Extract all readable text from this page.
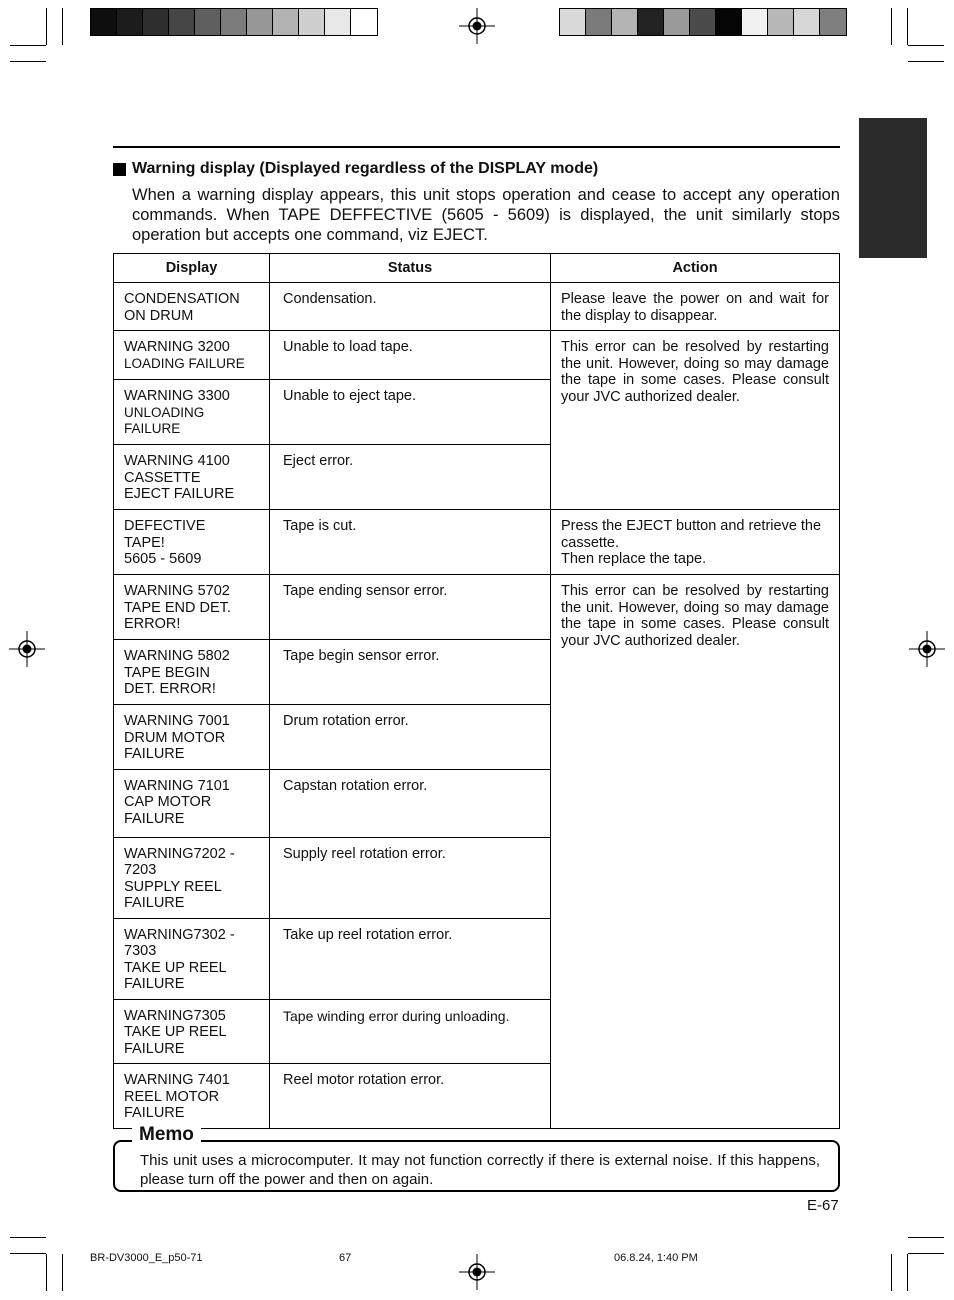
Warning display (Displayed regardless of the DISPLAY mode)
When a warning display appears, this unit stops operation and cease to accept any operation commands. When TAPE DEFFECTIVE (5605 - 5609) is displayed, the unit similarly stops operation but accepts one command, viz EJECT.
Display	Status	Action
CONDENSATION
ON DRUM	Condensation.	Please leave the power on and wait for the display to disappear.
WARNING 3200
LOADING FAILURE	Unable to load tape.	This error can be resolved by restarting the unit. However, doing so may damage the tape in some cases. Please consult your JVC authorized dealer.
WARNING 3300
UNLOADING
FAILURE	Unable to eject tape.	
WARNING 4100
CASSETTE
EJECT FAILURE	Eject error.	
DEFECTIVE
TAPE!
5605 - 5609	Tape is cut.	Press the EJECT button and retrieve the cassette.
Then replace the tape.
WARNING 5702
TAPE END DET.
ERROR!	Tape ending sensor error.	This error can be resolved by restarting the unit. However, doing so may damage the tape in some cases. Please consult your JVC authorized dealer.
WARNING 5802
TAPE BEGIN
DET. ERROR!	Tape begin sensor error.	
WARNING 7001
DRUM MOTOR
FAILURE	Drum rotation error.	
WARNING 7101
CAP MOTOR
FAILURE	Capstan rotation error.	
WARNING7202 -
7203
SUPPLY REEL
FAILURE	Supply reel rotation error.	
WARNING7302 -
7303
TAKE UP REEL
FAILURE	Take up reel rotation error.	
WARNING7305
TAKE UP REEL
FAILURE	Tape winding error during unloading.	
WARNING 7401
REEL MOTOR
FAILURE	Reel motor rotation error.	
Memo
This unit uses a microcomputer. It may not function correctly if there is external noise. If this happens, please turn off the power and then on again.
E-67
BR-DV3000_E_p50-71	67	06.8.24, 1:40 PM
